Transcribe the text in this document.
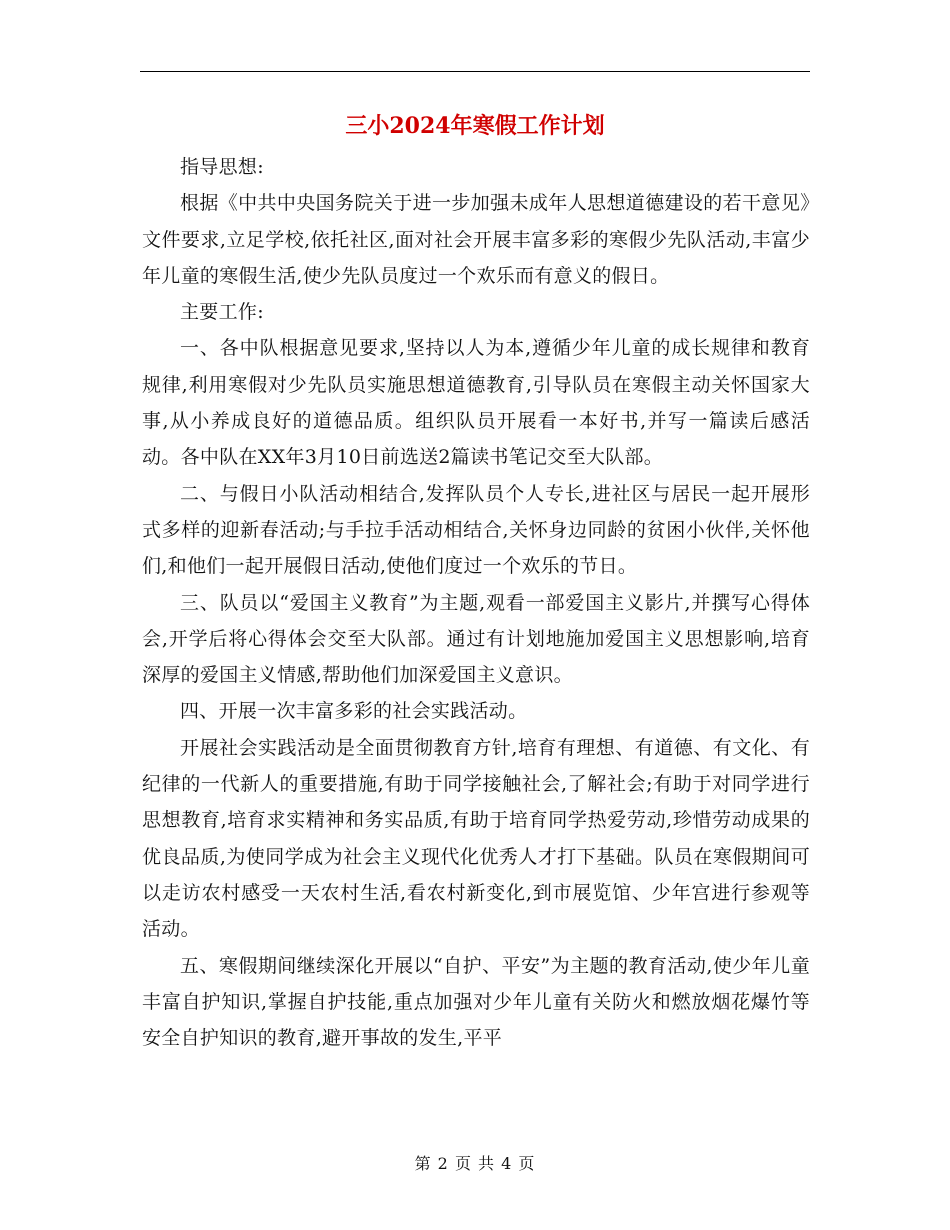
三小2024年寒假工作计划

指导思想:

根据《中共中央国务院关于进一步加强未成年人思想道德建设的若干意见》文件要求,立足学校,依托社区,面对社会开展丰富多彩的寒假少先队活动,丰富少年儿童的寒假生活,使少先队员度过一个欢乐而有意义的假日。

主要工作:

一、各中队根据意见要求,坚持以人为本,遵循少年儿童的成长规律和教育规律,利用寒假对少先队员实施思想道德教育,引导队员在寒假主动关怀国家大事,从小养成良好的道德品质。组织队员开展看一本好书,并写一篇读后感活动。各中队在XX年3月10日前选送2篇读书笔记交至大队部。

二、与假日小队活动相结合,发挥队员个人专长,进社区与居民一起开展形式多样的迎新春活动;与手拉手活动相结合,关怀身边同龄的贫困小伙伴,关怀他们,和他们一起开展假日活动,使他们度过一个欢乐的节日。

三、队员以“爱国主义教育”为主题,观看一部爱国主义影片,并撰写心得体会,开学后将心得体会交至大队部。通过有计划地施加爱国主义思想影响,培育深厚的爱国主义情感,帮助他们加深爱国主义意识。

四、开展一次丰富多彩的社会实践活动。

开展社会实践活动是全面贯彻教育方针,培育有理想、有道德、有文化、有纪律的一代新人的重要措施,有助于同学接触社会,了解社会;有助于对同学进行思想教育,培育求实精神和务实品质,有助于培育同学热爱劳动,珍惜劳动成果的优良品质,为使同学成为社会主义现代化优秀人才打下基础。队员在寒假期间可以走访农村感受一天农村生活,看农村新变化,到市展览馆、少年宫进行参观等活动。

五、寒假期间继续深化开展以“自护、平安”为主题的教育活动,使少年儿童丰富自护知识,掌握自护技能,重点加强对少年儿童有关防火和燃放烟花爆竹等安全自护知识的教育,避开事故的发生,平平

第 2 页 共 4 页
